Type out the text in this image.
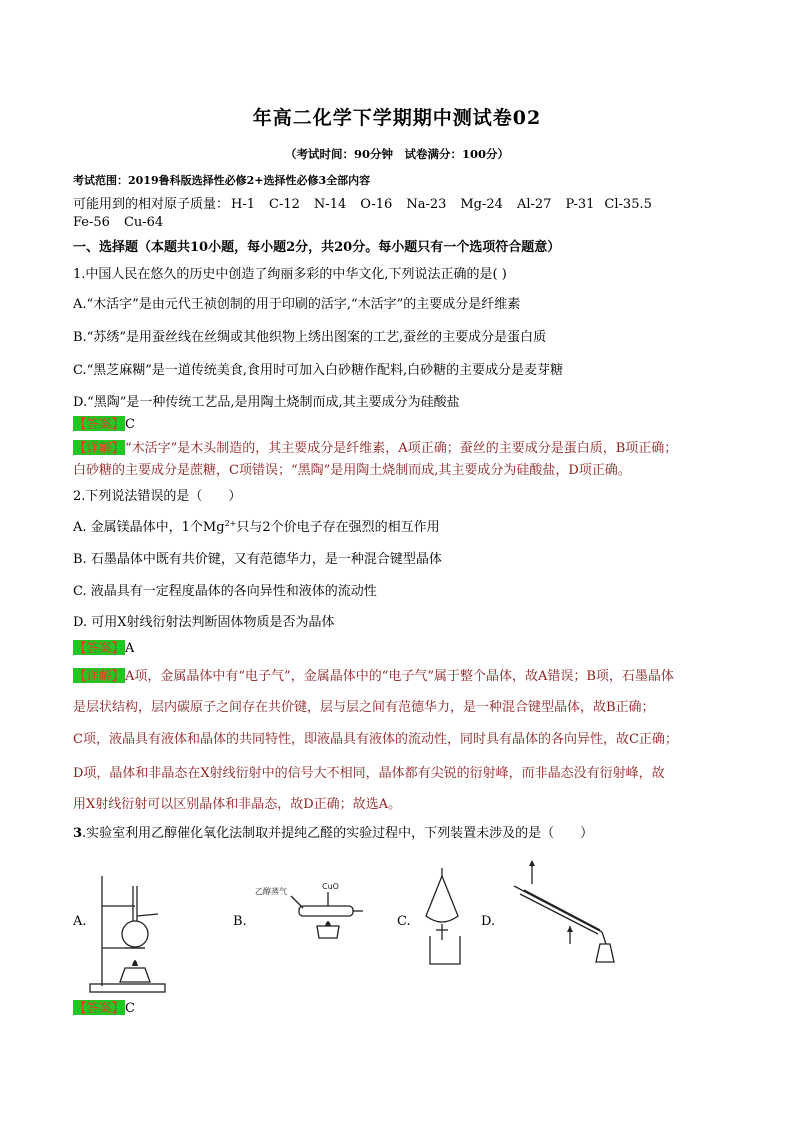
年高二化学下学期期中测试卷02
（考试时间：90分钟　试卷满分：100分）
考试范围：2019鲁科版选择性必修2+选择性必修3全部内容
可能用到的相对原子质量： H-1 C-12 N-14 O-16 Na-23 Mg-24 Al-27 P-31 Cl-35.5
Fe-56 Cu-64
一、选择题（本题共10小题，每小题2分，共20分。每小题只有一个选项符合题意）
1.中国人民在悠久的历史中创造了绚丽多彩的中华文化,下列说法正确的是( )
A.“木活字”是由元代王祯创制的用于印刷的活字,“木活字”的主要成分是纤维素
B.“苏绣”是用蚕丝线在丝绸或其他织物上绣出图案的工艺,蚕丝的主要成分是蛋白质
C.“黑芝麻糊”是一道传统美食,食用时可加入白砂糖作配料,白砂糖的主要成分是麦芽糖
D.“黑陶”是一种传统工艺品,是用陶土烧制而成,其主要成分为硅酸盐
【答案】C
【详解】“木活字”是木头制造的，其主要成分是纤维素，A项正确；蚕丝的主要成分是蛋白质，B项正确；
白砂糖的主要成分是蔗糖，C项错误；“黑陶”是用陶土烧制而成,其主要成分为硅酸盐，D项正确。
2.下列说法错误的是（　　）
A. 金属镁晶体中，1个$Mg^{2+}$只与2个价电子存在强烈的相互作用
B. 石墨晶体中既有共价键，又有范德华力，是一种混合键型晶体
C. 液晶具有一定程度晶体的各向异性和液体的流动性
D. 可用X射线衍射法判断固体物质是否为晶体
【答案】A
【详解】A项，金属晶体中有“电子气”，金属晶体中的“电子气”属于整个晶体，故A错误；B项，石墨晶体
是层状结构，层内碳原子之间存在共价键，层与层之间有范德华力，是一种混合键型晶体，故B正确；
C项，液晶具有液体和晶体的共同特性，即液晶具有液体的流动性，同时具有晶体的各向异性，故C正确；
D项，晶体和非晶态在X射线衍射中的信号大不相同，晶体都有尖锐的衍射峰，而非晶态没有衍射峰，故
用X射线衍射可以区别晶体和非晶态，故D正确；故选A。
3.实验室利用乙醇催化氧化法制取并提纯乙醛的实验过程中，下列装置未涉及的是（　　）
A.	B.	C.	D.
乙醇蒸气
CuO
【答案】C
